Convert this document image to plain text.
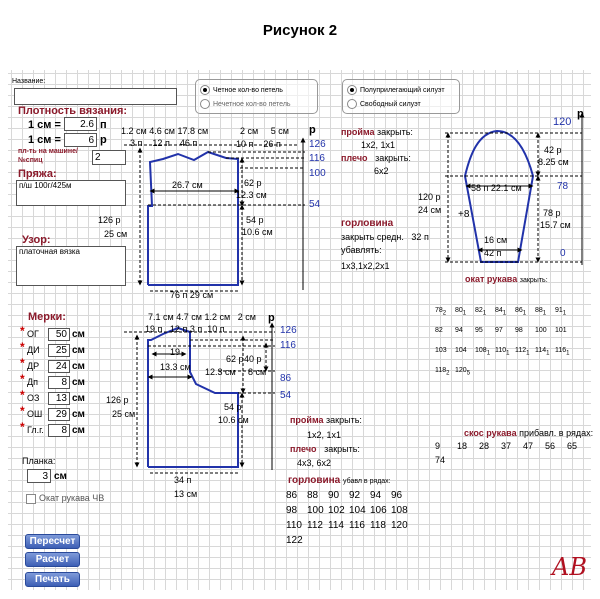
Рисунок 2
Название:
Плотность вязания:
1 см =
2.6	п
1 см =
6	р
пл-ть на машине/
№спиц
2
Пряжа:
п/ш 100г/425м
Узор:
платочная вязка
Мерки:
* ОГ
50	см
* ДИ
25	см
* ДР
24	см
* Дп
8	см
* ОЗ
13	см
* ОШ
29	см
* Гл.г.
8	см
Планка:
3
см
Окат рукава ЧВ
Пересчет
Расчет
Печать
Четное кол-во петель
Нечетное кол-во петель
Полуприлегающий силуэт
Свободный силуэт
1.2 см 4.6 см 17.8 см	2 см 5 см р
3 п 12 п 46 п	10 п 26 п	126
116
100
54
26.7 см	62 р
12.3 см
54 р
10.6 см
126 р
25 см
76 п 29 см
7.1 см 4.7 см 1.2 см 2 см р
19 п 12 п 3 п 10 п	126
116
86
54
19
13.3 см
62 р
12.3 см
40 р
8 см
54 р
10.6 см
126 р
25 см
34 п
13 см
120
р
42 р
8.25 см
78
58 п 22.1 см
120 р
24 см +8	78 р
15.7 см
16 см
42 п	0
пройма закрыть:
1х2, 1х1
плечо закрыть:
6х2
горловина
закрыть средн. 32 п
убавлять:
1х3,1х2,2х1
окат рукава закрыть:
$78_2$ $80_1$ $82_1$ $84_1$ $86_1$ $88_1$ $91_1$
82 94 95 97 98 100 101
103 104 $108_1$ $110_1$ $112_1$ $114_1$ $116_1$
$118_2$ $120_5$
пройма закрыть:
1х2, 1х1
плечо закрыть:
4х3, 6х2
горловина убавл в рядах:
86 88 90 92 94 96
98 100 102 104 106 108
110 112 114 116 118 120
122
скос рукава прибавл. в рядах:
9 18 28 37 47 56 65
74
AB
